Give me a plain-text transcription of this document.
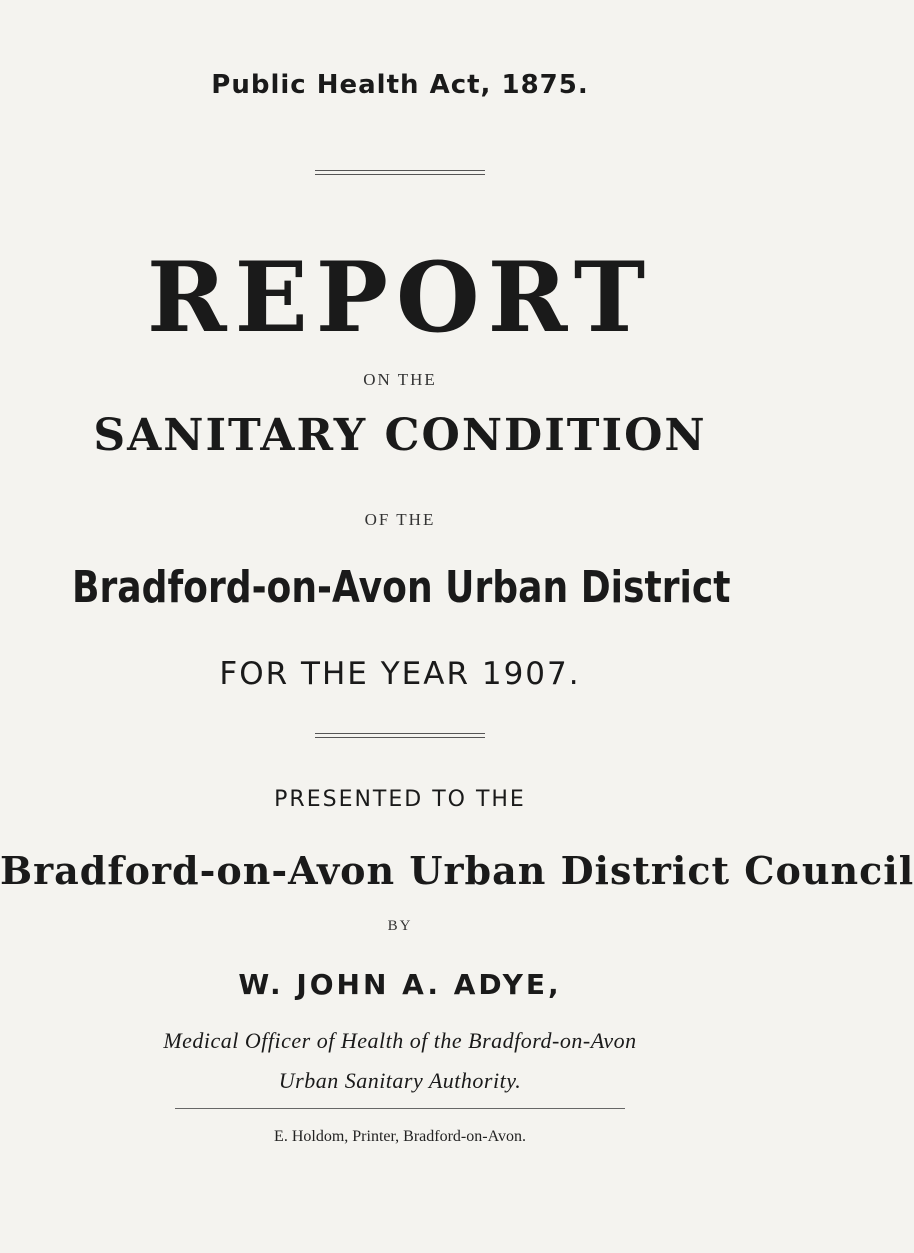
Public Health Act, 1875.
REPORT
ON THE
SANITARY CONDITION
OF THE
Bradford-on-Avon Urban District
FOR THE YEAR 1907.
PRESENTED TO THE
Bradford-on-Avon Urban District Council
BY
W. JOHN A. ADYE,
Medical Officer of Health of the Bradford-on-Avon
Urban Sanitary Authority.
E. Holdom, Printer, Bradford-on-Avon.
